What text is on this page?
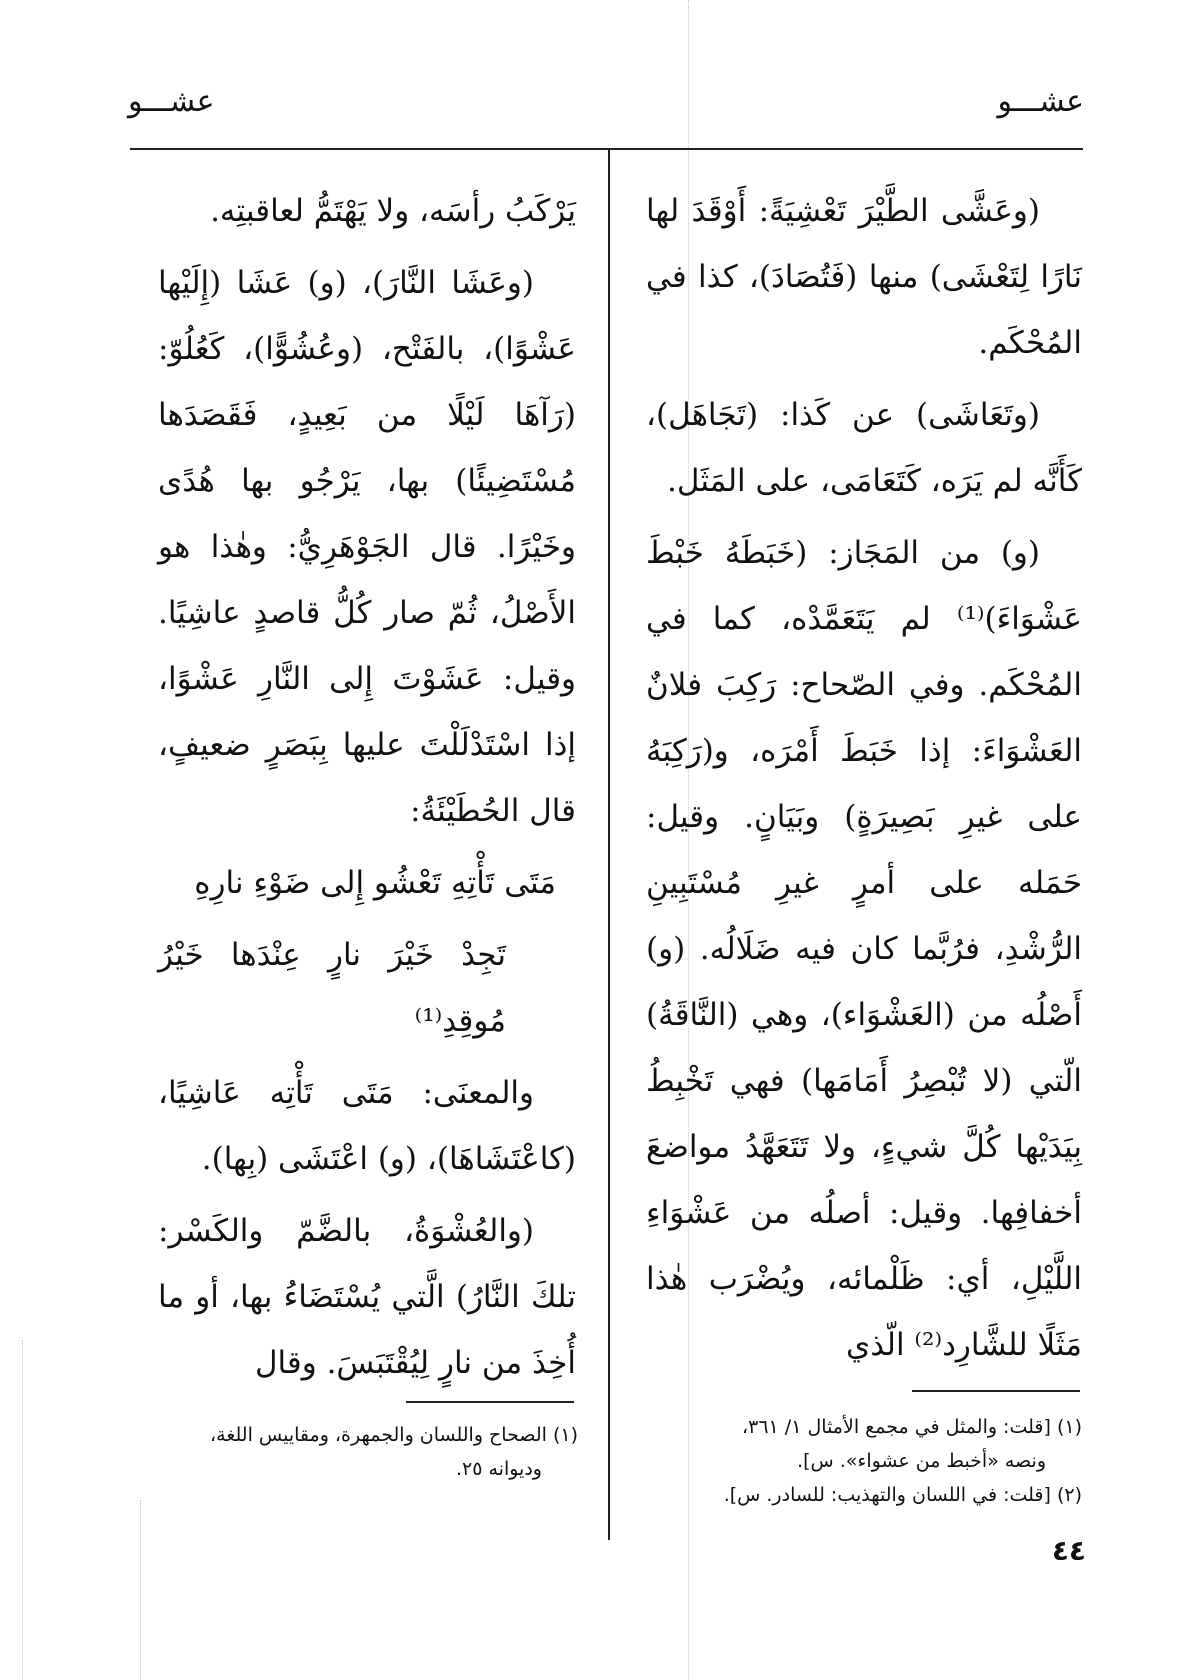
عشـــو
عشـــو

(وعَشَّى الطَّيْرَ تَعْشِيَةً: أَوْقَدَ لها نَارًا لِتَعْشَى) منها (فَتُصَادَ)، كذا في المُحْكَم.

(وتَعَاشَى) عن كَذا: (تَجَاهَل)، كَأَنَّه لم يَرَه، كَتَعَامَى، على المَثَل.

(و) من المَجَاز: (خَبَطَهُ خَبْطَ عَشْوَاءَ)⁽¹⁾ لم يَتَعَمَّدْه، كما في المُحْكَم. وفي الصّحاح: رَكِبَ فلانٌ العَشْوَاءَ: إذا خَبَطَ أَمْرَه، و(رَكِبَهُ على غيرِ بَصِيرَةٍ) وبَيَانٍ. وقيل: حَمَله على أمرٍ غيرِ مُسْتَبِينِ الرُّشْدِ، فرُبَّما كان فيه ضَلَالُه. (و) أَصْلُه من (العَشْوَاء)، وهي (النَّاقَةُ) الّتي (لا تُبْصِرُ أَمَامَها) فهي تَخْبِطُ بِيَدَيْها كُلَّ شيءٍ، ولا تَتَعَهَّدُ مواضعَ أخفافِها. وقيل: أصلُه من عَشْوَاءِ اللَّيْلِ، أي: ظَلْمائه، ويُضْرَب هٰذا مَثَلًا للشَّارِد⁽²⁾ الّذي

(١) [قلت: والمثل في مجمع الأمثال ١/ ٣٦١،
ونصه «أخبط من عشواء». س].
(٢) [قلت: في اللسان والتهذيب: للسادر. س].

يَرْكَبُ رأسَه، ولا يَهْتَمُّ لعاقبتِه.

(وعَشَا النَّارَ)، (و) عَشَا (إِلَيْها عَشْوًا)، بالفَتْح، (وعُشُوًّا)، كَعُلُوّ: (رَآهَا لَيْلًا من بَعِيدٍ، فَقَصَدَها مُسْتَضِيئًا) بها، يَرْجُو بها هُدًى وخَيْرًا. قال الجَوْهَرِيُّ: وهٰذا هو الأَصْلُ، ثُمّ صار كُلُّ قاصدٍ عاشِيًا. وقيل: عَشَوْتَ إِلى النَّارِ عَشْوًا، إذا اسْتَدْلَلْتَ عليها بِبَصَرٍ ضعيفٍ، قال الحُطَيْئَةُ:

مَتَى تَأْتِهِ تَعْشُو إِلى ضَوْءِ نارِهِ

تَجِدْ خَيْرَ نارٍ عِنْدَها خَيْرُ مُوقِدِ⁽¹⁾

والمعنَى: مَتَى تَأْتِه عَاشِيًا، (كاعْتَشَاهَا)، (و) اعْتَشَى (بِها).

(والعُشْوَةُ، بالضَّمّ والكَسْر: تلكَ النَّارُ) الَّتي يُسْتَضَاءُ بها، أو ما أُخِذَ من نارٍ لِيُقْتَبَسَ. وقال

(١) الصحاح واللسان والجمهرة، ومقاييس اللغة،
وديوانه ٢٥.
٤٤
